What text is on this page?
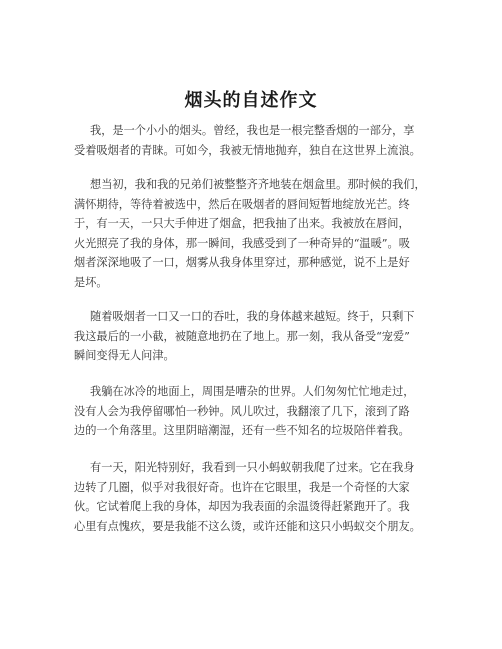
烟头的自述作文
我，是一个小小的烟头。曾经，我也是一根完整香烟的一部分，享
受着吸烟者的青睐。可如今，我被无情地抛弃，独自在这世界上流浪。
想当初，我和我的兄弟们被整整齐齐地装在烟盒里。那时候的我们，
满怀期待，等待着被选中，然后在吸烟者的唇间短暂地绽放光芒。终
于，有一天，一只大手伸进了烟盒，把我抽了出来。我被放在唇间，
火光照亮了我的身体，那一瞬间，我感受到了一种奇异的“温暖”。吸
烟者深深地吸了一口，烟雾从我身体里穿过，那种感觉，说不上是好
是坏。
随着吸烟者一口又一口的吞吐，我的身体越来越短。终于，只剩下
我这最后的一小截，被随意地扔在了地上。那一刻，我从备受“宠爱”
瞬间变得无人问津。
我躺在冰冷的地面上，周围是嘈杂的世界。人们匆匆忙忙地走过，
没有人会为我停留哪怕一秒钟。风儿吹过，我翻滚了几下，滚到了路
边的一个角落里。这里阴暗潮湿，还有一些不知名的垃圾陪伴着我。
有一天，阳光特别好，我看到一只小蚂蚁朝我爬了过来。它在我身
边转了几圈，似乎对我很好奇。也许在它眼里，我是一个奇怪的大家
伙。它试着爬上我的身体，却因为我表面的余温烫得赶紧跑开了。我
心里有点愧疚，要是我能不这么烫，或许还能和这只小蚂蚁交个朋友。
